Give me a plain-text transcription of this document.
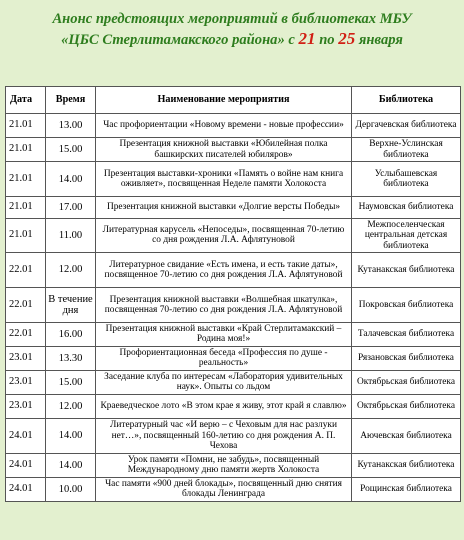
Анонс предстоящих мероприятий в библиотеках МБУ

«ЦБС Стерлитамакского района» с 21 по 25 января

Дата	Время	Наименование мероприятия	Библиотека
21.01	13.00	Час профориентации «Новому времени - новые профессии»	Дергачевская библиотека
21.01	15.00	Презентация книжной выставки «Юбилейная полка башкирских писателей юбиляров»	Верхне-Услинская библиотека
21.01	14.00	Презентация выставки-хроники «Память о войне нам книга оживляет», посвященная Неделе памяти Холокоста	Услыбашевская библиотека
21.01	17.00	Презентация книжной выставки «Долгие версты Победы»	Наумовская библиотека
21.01	11.00	Литературная карусель «Непоседы», посвященная 70-летию со дня рождения Л.А. Афлятуновой	Межпоселенческая центральная детская библиотека
22.01	12.00	Литературное свидание «Есть имена, и есть такие даты», посвященное 70-летию со дня рождения Л.А. Афлятуновой	Кутанакская библиотека
22.01	В течение дня	Презентация книжной выставки «Волшебная шкатулка», посвященная 70-летию со дня рождения Л.А. Афлятуновой	Покровская библиотека
22.01	16.00	Презентация книжной выставки «Край Стерлитамакский – Родина моя!»	Талачевская библиотека
23.01	13.30	Профориентационная беседа «Профессия по душе - реальность»	Рязановская библиотека
23.01	15.00	Заседание клуба по интересам «Лаборатория удивительных наук». Опыты со льдом	Октябрьская библиотека
23.01	12.00	Краеведческое лото «В этом крае я живу, этот край я славлю»	Октябрьская библиотека
24.01	14.00	Литературный час «И верю – с Чеховым для нас разлуки нет…», посвященный 160-летию со дня рождения А. П. Чехова	Аючевская библиотека
24.01	14.00	Урок памяти «Помни, не забудь», посвященный Международному дню памяти жертв Холокоста	Кутанакская библиотека
24.01	10.00	Час памяти «900 дней блокады», посвященный дню снятия блокады Ленинграда	Рощинская библиотека
